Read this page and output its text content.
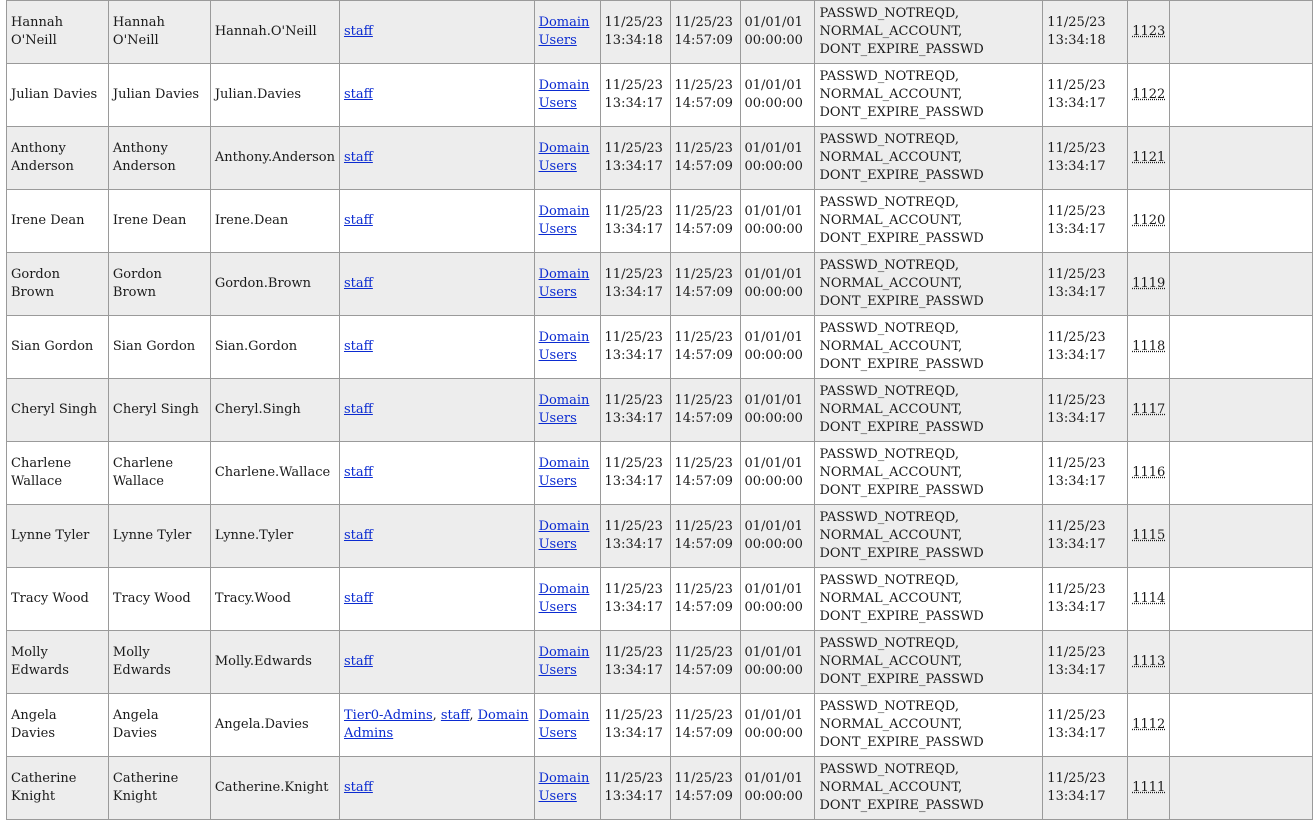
Hannah O'Neill	Hannah O'Neill	Hannah.O'Neill	staff	Domain Users	11/25/23 13:34:18	11/25/23 14:57:09	01/01/01 00:00:00	PASSWD_NOTREQD, NORMAL_ACCOUNT, DONT_EXPIRE_PASSWD	11/25/23 13:34:18	1123	
Julian Davies	Julian Davies	Julian.Davies	staff	Domain Users	11/25/23 13:34:17	11/25/23 14:57:09	01/01/01 00:00:00	PASSWD_NOTREQD, NORMAL_ACCOUNT, DONT_EXPIRE_PASSWD	11/25/23 13:34:17	1122	
Anthony Anderson	Anthony Anderson	Anthony.Anderson	staff	Domain Users	11/25/23 13:34:17	11/25/23 14:57:09	01/01/01 00:00:00	PASSWD_NOTREQD, NORMAL_ACCOUNT, DONT_EXPIRE_PASSWD	11/25/23 13:34:17	1121	
Irene Dean	Irene Dean	Irene.Dean	staff	Domain Users	11/25/23 13:34:17	11/25/23 14:57:09	01/01/01 00:00:00	PASSWD_NOTREQD, NORMAL_ACCOUNT, DONT_EXPIRE_PASSWD	11/25/23 13:34:17	1120	
Gordon Brown	Gordon Brown	Gordon.Brown	staff	Domain Users	11/25/23 13:34:17	11/25/23 14:57:09	01/01/01 00:00:00	PASSWD_NOTREQD, NORMAL_ACCOUNT, DONT_EXPIRE_PASSWD	11/25/23 13:34:17	1119	
Sian Gordon	Sian Gordon	Sian.Gordon	staff	Domain Users	11/25/23 13:34:17	11/25/23 14:57:09	01/01/01 00:00:00	PASSWD_NOTREQD, NORMAL_ACCOUNT, DONT_EXPIRE_PASSWD	11/25/23 13:34:17	1118	
Cheryl Singh	Cheryl Singh	Cheryl.Singh	staff	Domain Users	11/25/23 13:34:17	11/25/23 14:57:09	01/01/01 00:00:00	PASSWD_NOTREQD, NORMAL_ACCOUNT, DONT_EXPIRE_PASSWD	11/25/23 13:34:17	1117	
Charlene Wallace	Charlene Wallace	Charlene.Wallace	staff	Domain Users	11/25/23 13:34:17	11/25/23 14:57:09	01/01/01 00:00:00	PASSWD_NOTREQD, NORMAL_ACCOUNT, DONT_EXPIRE_PASSWD	11/25/23 13:34:17	1116	
Lynne Tyler	Lynne Tyler	Lynne.Tyler	staff	Domain Users	11/25/23 13:34:17	11/25/23 14:57:09	01/01/01 00:00:00	PASSWD_NOTREQD, NORMAL_ACCOUNT, DONT_EXPIRE_PASSWD	11/25/23 13:34:17	1115	
Tracy Wood	Tracy Wood	Tracy.Wood	staff	Domain Users	11/25/23 13:34:17	11/25/23 14:57:09	01/01/01 00:00:00	PASSWD_NOTREQD, NORMAL_ACCOUNT, DONT_EXPIRE_PASSWD	11/25/23 13:34:17	1114	
Molly Edwards	Molly Edwards	Molly.Edwards	staff	Domain Users	11/25/23 13:34:17	11/25/23 14:57:09	01/01/01 00:00:00	PASSWD_NOTREQD, NORMAL_ACCOUNT, DONT_EXPIRE_PASSWD	11/25/23 13:34:17	1113	
Angela Davies	Angela Davies	Angela.Davies	Tier0-Admins, staff, Domain Admins	Domain Users	11/25/23 13:34:17	11/25/23 14:57:09	01/01/01 00:00:00	PASSWD_NOTREQD, NORMAL_ACCOUNT, DONT_EXPIRE_PASSWD	11/25/23 13:34:17	1112	
Catherine Knight	Catherine Knight	Catherine.Knight	staff	Domain Users	11/25/23 13:34:17	11/25/23 14:57:09	01/01/01 00:00:00	PASSWD_NOTREQD, NORMAL_ACCOUNT, DONT_EXPIRE_PASSWD	11/25/23 13:34:17	1111	
